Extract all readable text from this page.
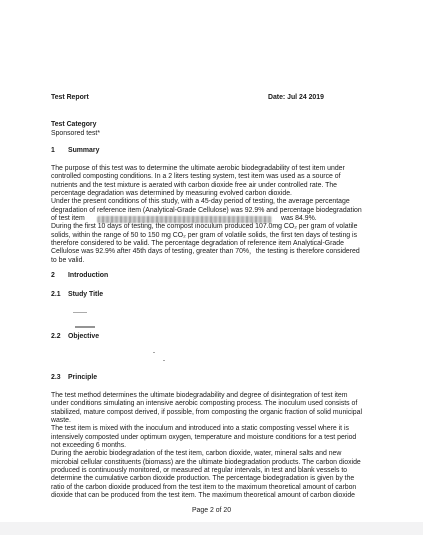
Test Report	Date: Jul 24 2019
Test Category
Sponsored test*
1 Summary
The purpose of this test was to determine the ultimate aerobic biodegradability of test item under
controlled composting conditions. In a 2 liters testing system, test item was used as a source of
nutrients and the test mixture is aerated with carbon dioxide free air under controlled rate. The
percentage degradation was determined by measuring evolved carbon dioxide.
Under the present conditions of this study, with a 45-day period of testing, the average percentage
degradation of reference item (Analytical-Grade Cellulose) was 92.9% and percentage biodegradation
of test item	was 84.9%.
During the first 10 days of testing, the compost inoculum produced 107.0mg CO₂ per gram of volatile
solids, within the range of 50 to 150 mg CO₂ per gram of volatile solids, the first ten days of testing is
therefore considered to be valid. The percentage degradation of reference item Analytical-Grade
Cellulose was 92.9% after 45th days of testing, greater than 70%，the testing is therefore considered
to be valid.
2 Introduction
2.1 Study Title
2.2 Objective
2.3 Principle
The test method determines the ultimate biodegradability and degree of disintegration of test item
under conditions simulating an intensive aerobic composting process. The inoculum used consists of
stabilized, mature compost derived, if possible, from composting the organic fraction of solid municipal
waste.
The test item is mixed with the inoculum and introduced into a static composting vessel where it is
intensively composted under optimum oxygen, temperature and moisture conditions for a test period
not exceeding 6 months.
During the aerobic biodegradation of the test item, carbon dioxide, water, mineral salts and new
microbial cellular constituents (biomass) are the ultimate biodegradation products. The carbon dioxide
produced is continuously monitored, or measured at regular intervals, in test and blank vessels to
determine the cumulative carbon dioxide production. The percentage biodegradation is given by the
ratio of the carbon dioxide produced from the test item to the maximum theoretical amount of carbon
dioxide that can be produced from the test item. The maximum theoretical amount of carbon dioxide
Page 2 of 20
